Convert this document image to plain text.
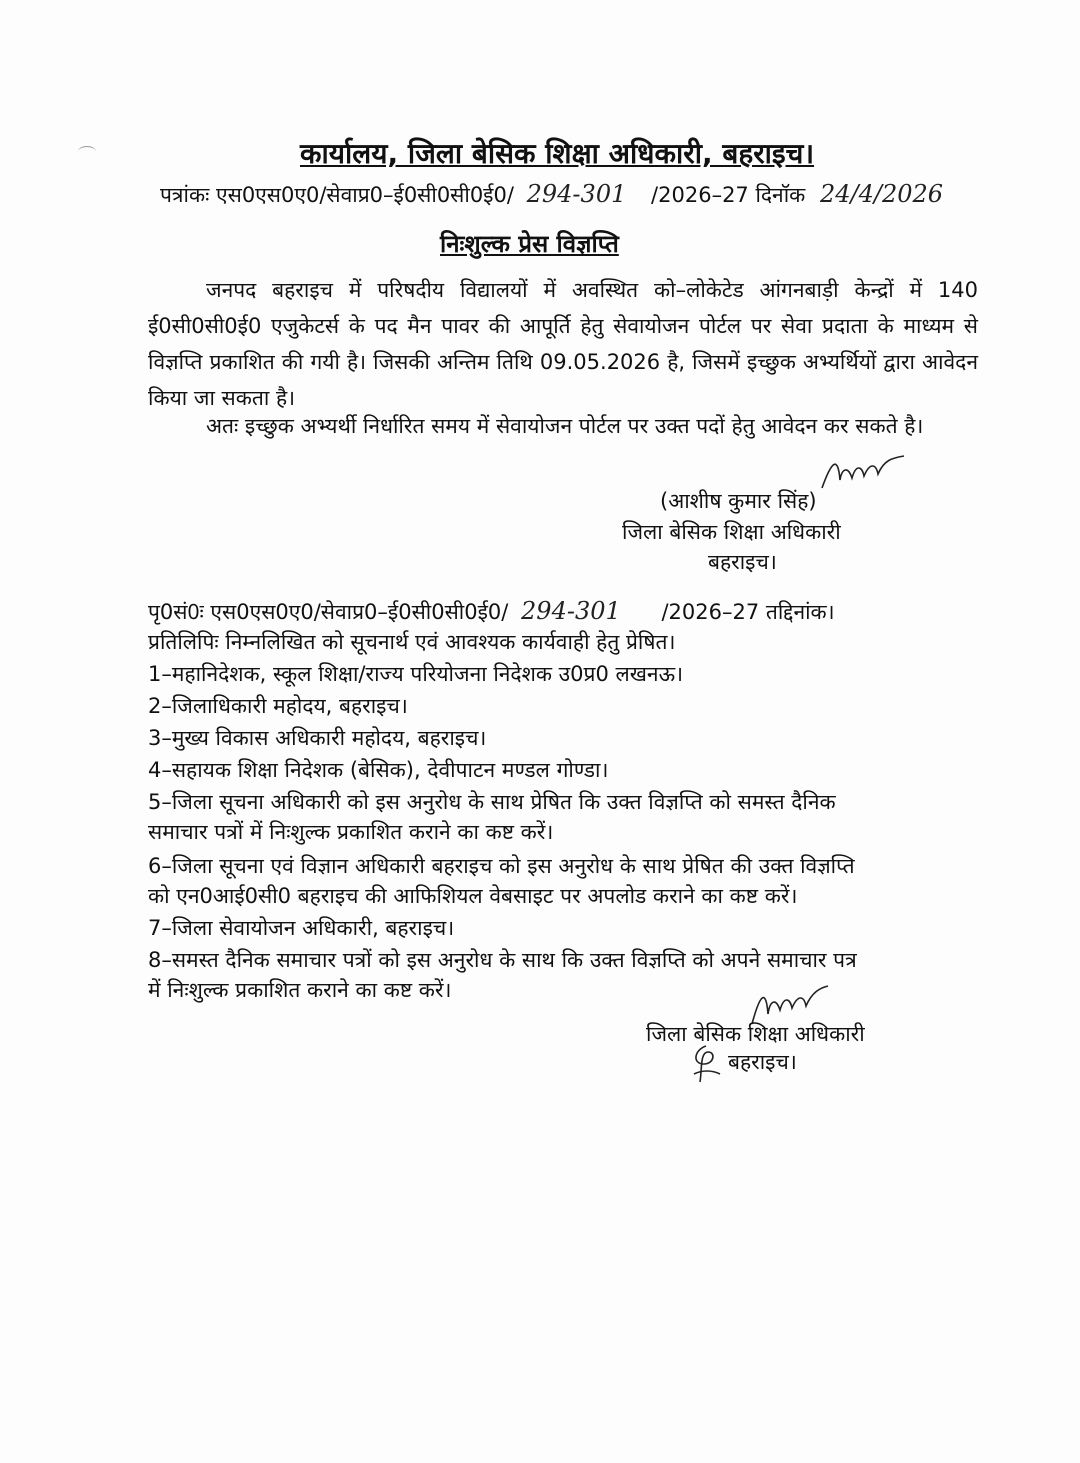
कार्यालय, जिला बेसिक शिक्षा अधिकारी, बहराइच।
पत्रांकः एस0एस0ए0/सेवाप्र0–ई0सी0सी0ई0/ 294-301 /2026–27 दिनॉक 24/4/2026
निःशुल्क प्रेस विज्ञप्ति
जनपद बहराइच में परिषदीय विद्यालयों में अवस्थित को–लोकेटेड आंगनबाड़ी केन्द्रों में 140 ई0सी0सी0ई0 एजुकेटर्स के पद मैन पावर की आपूर्ति हेतु सेवायोजन पोर्टल पर सेवा प्रदाता के माध्यम से विज्ञप्ति प्रकाशित की गयी है। जिसकी अन्तिम तिथि 09.05.2026 है, जिसमें इच्छुक अभ्यर्थियों द्वारा आवेदन किया जा सकता है।
अतः इच्छुक अभ्यर्थी निर्धारित समय में सेवायोजन पोर्टल पर उक्त पदों हेतु आवेदन कर सकते है।
(आशीष कुमार सिंह)
जिला बेसिक शिक्षा अधिकारी
बहराइच।
पृ0सं0ः एस0एस0ए0/सेवाप्र0–ई0सी0सी0ई0/ 294-301 /2026–27 तद्दिनांक।
प्रतिलिपिः निम्नलिखित को सूचनार्थ एवं आवश्यक कार्यवाही हेतु प्रेषित।
1–महानिदेशक, स्कूल शिक्षा/राज्य परियोजना निदेशक उ0प्र0 लखनऊ।
2–जिलाधिकारी महोदय, बहराइच।
3–मुख्य विकास अधिकारी महोदय, बहराइच।
4–सहायक शिक्षा निदेशक (बेसिक), देवीपाटन मण्डल गोण्डा।
5–जिला सूचना अधिकारी को इस अनुरोध के साथ प्रेषित कि उक्त विज्ञप्ति को समस्त दैनिक
समाचार पत्रों में निःशुल्क प्रकाशित कराने का कष्ट करें।
6–जिला सूचना एवं विज्ञान अधिकारी बहराइच को इस अनुरोध के साथ प्रेषित की उक्त विज्ञप्ति
को एन0आई0सी0 बहराइच की आफिशियल वेबसाइट पर अपलोड कराने का कष्ट करें।
7–जिला सेवायोजन अधिकारी, बहराइच।
8–समस्त दैनिक समाचार पत्रों को इस अनुरोध के साथ कि उक्त विज्ञप्ति को अपने समाचार पत्र
में निःशुल्क प्रकाशित कराने का कष्ट करें।
जिला बेसिक शिक्षा अधिकारी
बहराइच।
